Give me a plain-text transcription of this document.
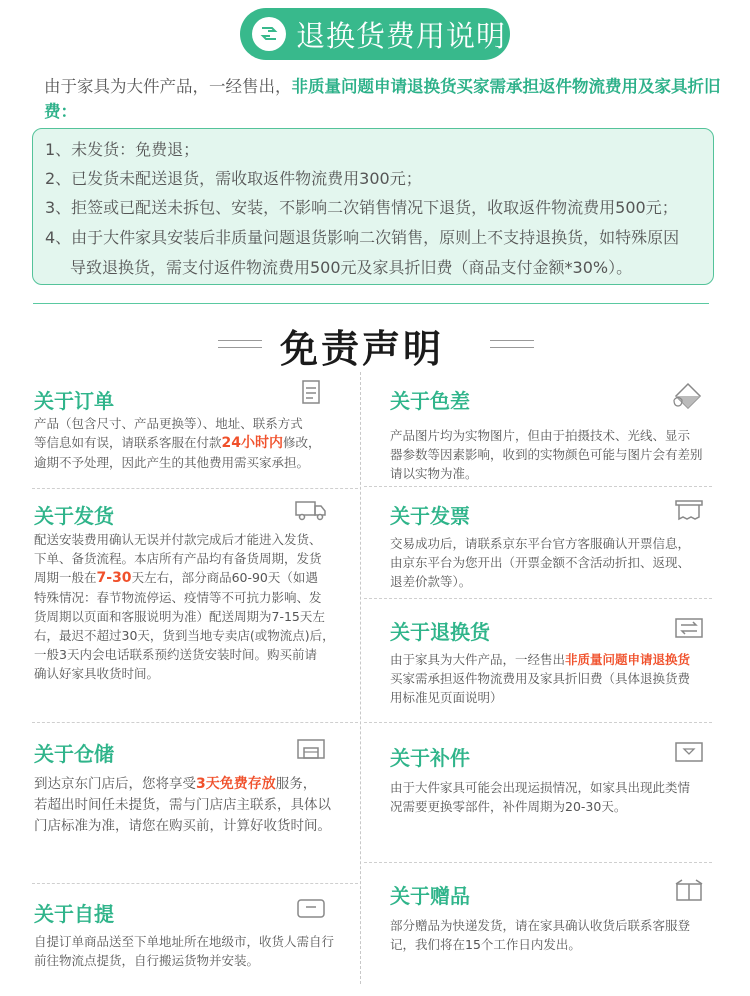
退换货费用说明
由于家具为大件产品，一经售出，非质量问题申请退换货买家需承担返件物流费用及家具折旧费：
1、未发货：免费退；
2、已发货未配送退货，需收取返件物流费用300元；
3、拒签或已配送未拆包、安装，不影响二次销售情况下退货，收取返件物流费用500元；
4、由于大件家具安装后非质量问题退货影响二次销售，原则上不支持退换货，如特殊原因
导致退换货，需支付返件物流费用500元及家具折旧费（商品支付金额*30%）。
免责声明
关于订单
产品（包含尺寸、产品更换等）、地址、联系方式
等信息如有误，请联系客服在付款24小时内修改，
逾期不予处理，因此产生的其他费用需买家承担。
关于色差
产品图片均为实物图片，但由于拍摄技术、光线、显示
器参数等因素影响，收到的实物颜色可能与图片会有差别
请以实物为准。
关于发货
配送安装费用确认无误并付款完成后才能进入发货、
下单、备货流程。本店所有产品均有备货周期，发货
周期一般在7-30天左右，部分商品60-90天（如遇
特殊情况：春节物流停运、疫情等不可抗力影响、发
货周期以页面和客服说明为准）配送周期为7-15天左
右，最迟不超过30天，货到当地专卖店(或物流点)后，
一般3天内会电话联系预约送货安装时间。购买前请
确认好家具收货时间。
关于发票
交易成功后，请联系京东平台官方客服确认开票信息，
由京东平台为您开出（开票金额不含活动折扣、返现、
退差价款等）。
关于退换货
由于家具为大件产品，一经售出非质量问题申请退换货
买家需承担返件物流费用及家具折旧费（具体退换货费
用标准见页面说明）
关于仓储
到达京东门店后，您将享受3天免费存放服务，
若超出时间任未提货，需与门店店主联系，具体以
门店标准为准，请您在购买前，计算好收货时间。
关于补件
由于大件家具可能会出现运损情况，如家具出现此类情
况需要更换零部件，补件周期为20-30天。
关于赠品
部分赠品为快递发货，请在家具确认收货后联系客服登
记，我们将在15个工作日内发出。
关于自提
自提订单商品送至下单地址所在地级市，收货人需自行
前往物流点提货，自行搬运货物并安装。
